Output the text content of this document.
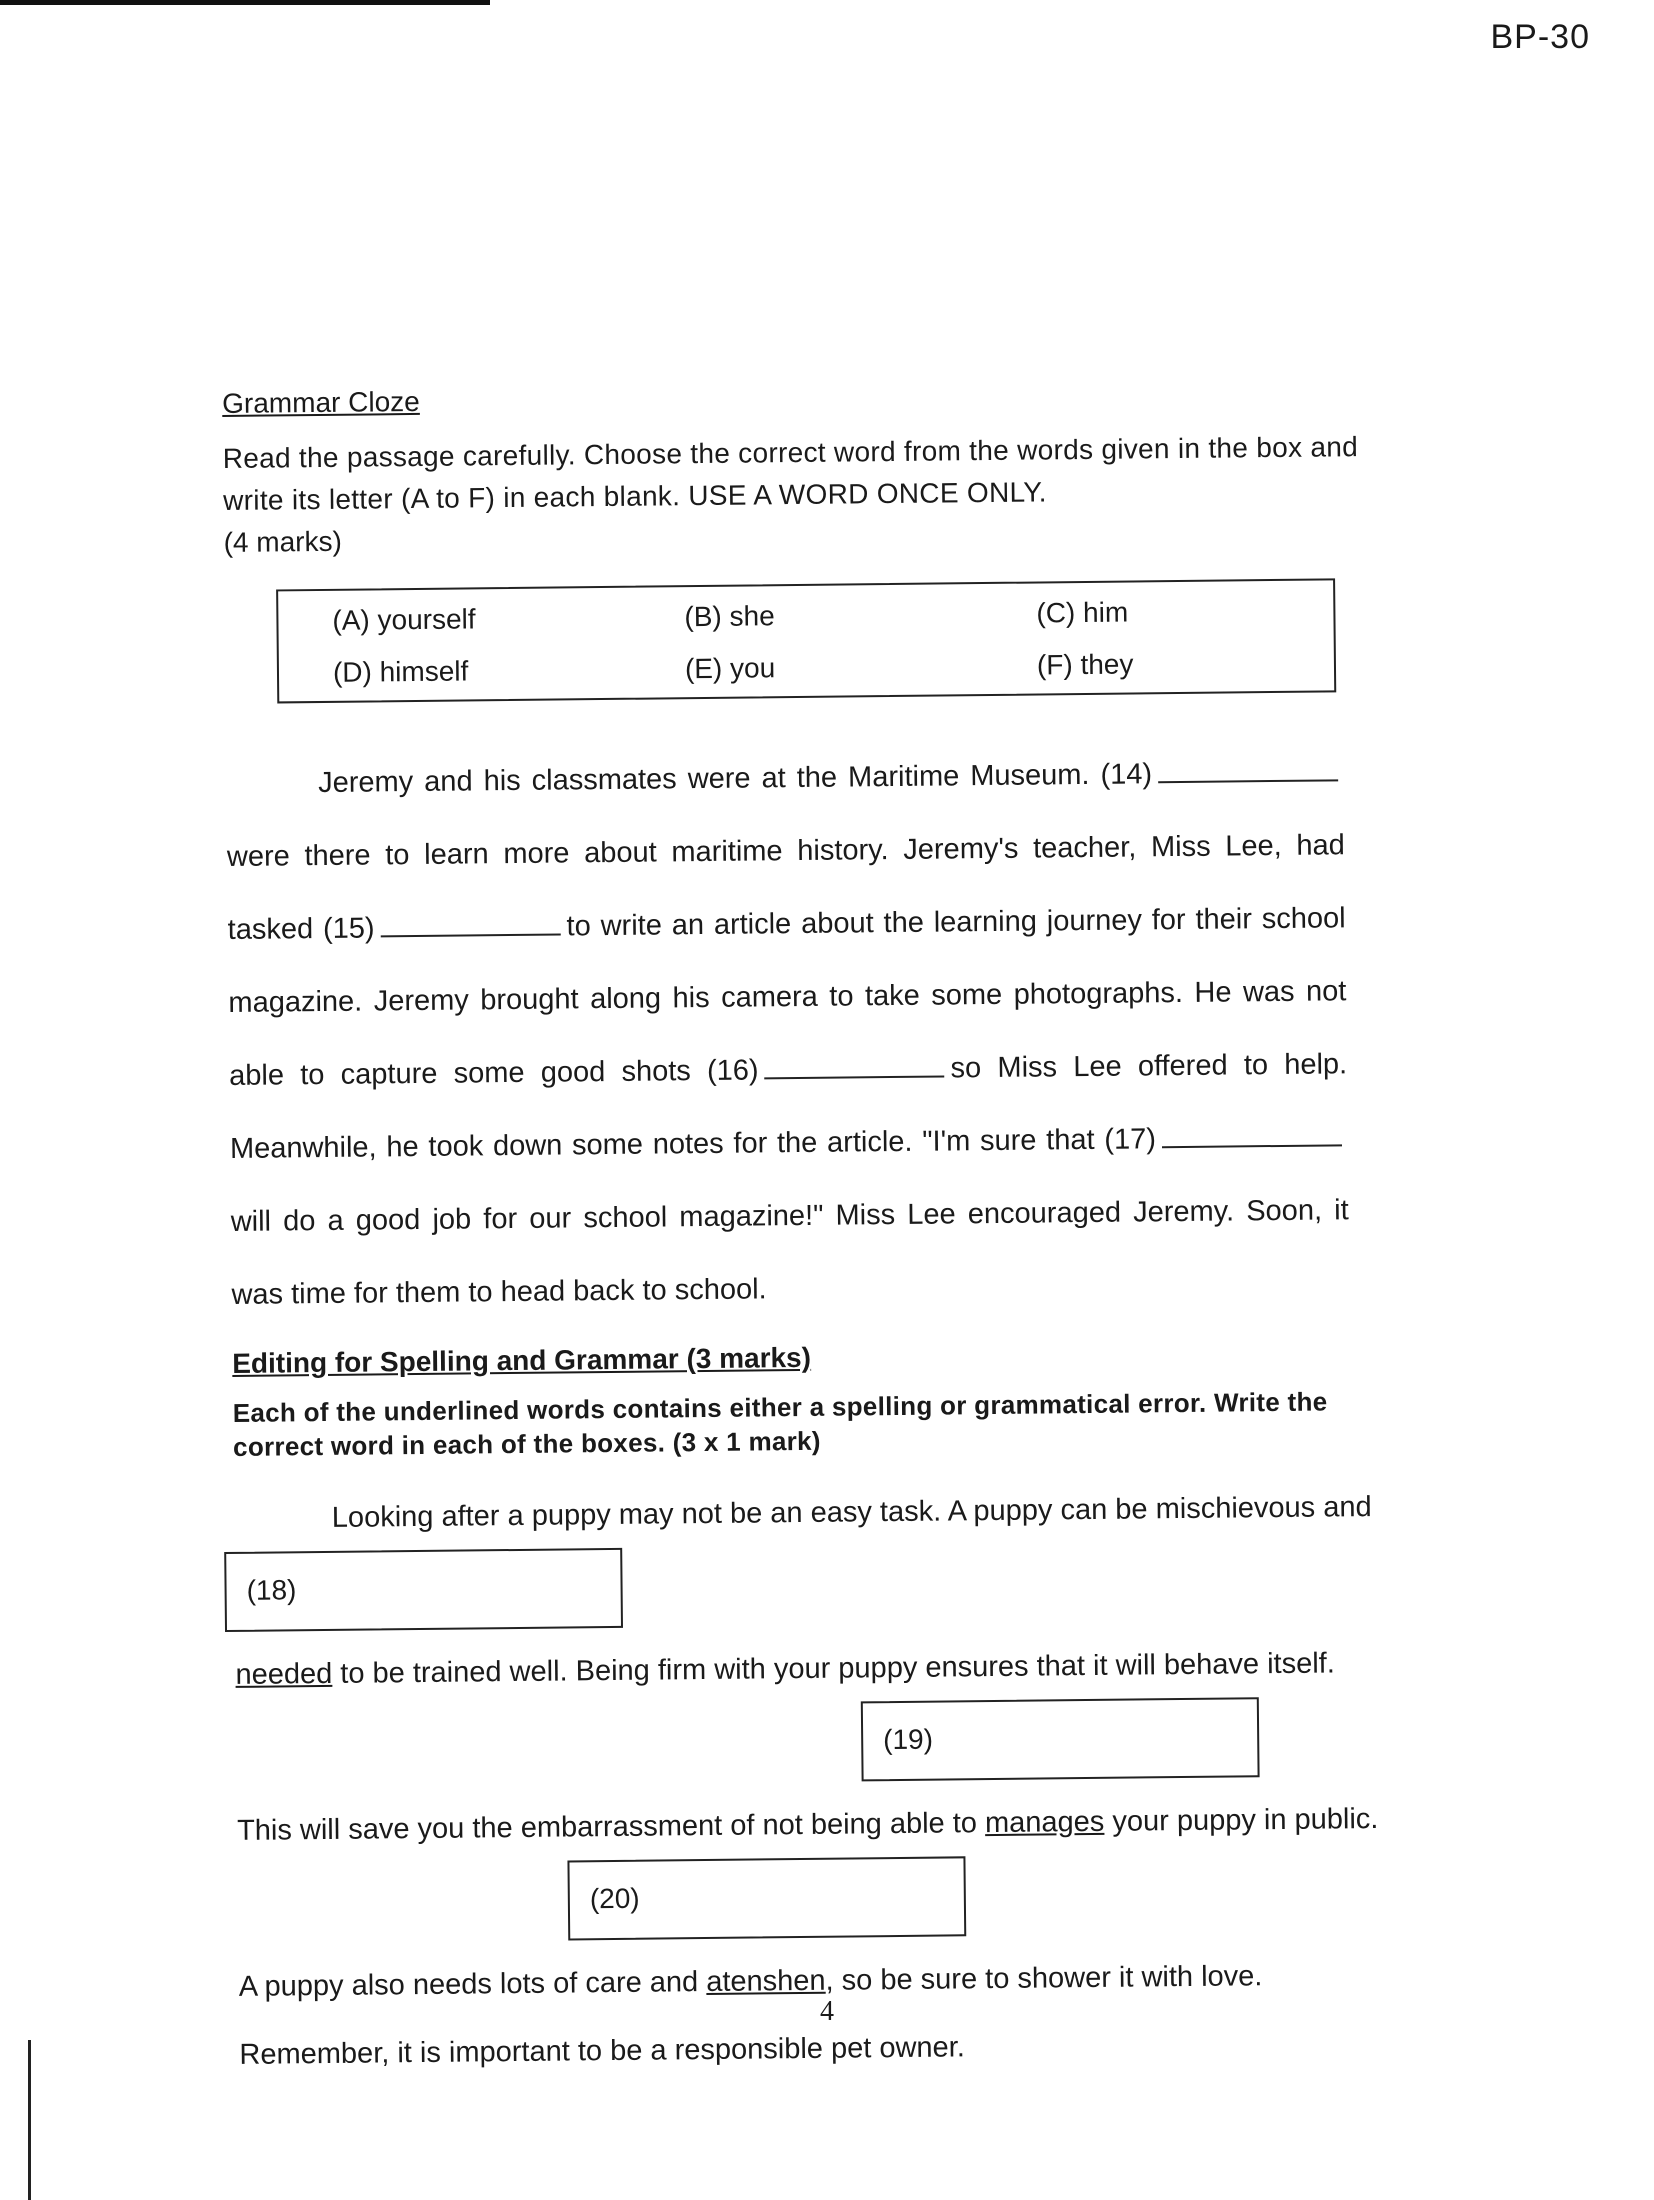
BP-30
Grammar Cloze

Read the passage carefully. Choose the correct word from the words given in the box and write its letter (A to F) in each blank. USE A WORD ONCE ONLY.

(4 marks)
(A) yourself	(B) she	(C) him
(D) himself	(E) you	(F) they
Jeremy and his classmates were at the Maritime Museum. (14) were there to learn more about maritime history. Jeremy's teacher, Miss Lee, had tasked (15)	to write an article about the learning journey for their school magazine. Jeremy brought along his camera to take some photographs. He was not able to capture some good shots (16)	so Miss Lee offered to help. Meanwhile, he took down some notes for the article. "I'm sure that (17) will do a good job for our school magazine!" Miss Lee encouraged Jeremy. Soon, it was time for them to head back to school.
Editing for Spelling and Grammar (3 marks)

Each of the underlined words contains either a spelling or grammatical error. Write the correct word in each of the boxes. (3 x 1 mark)

Looking after a puppy may not be an easy task. A puppy can be mischievous and
(18)
needed to be trained well. Being firm with your puppy ensures that it will behave itself.
(19)
This will save you the embarrassment of not being able to manages your puppy in public.
(20)
A puppy also needs lots of care and atenshen, so be sure to shower it with love.
Remember, it is important to be a responsible pet owner.
4
